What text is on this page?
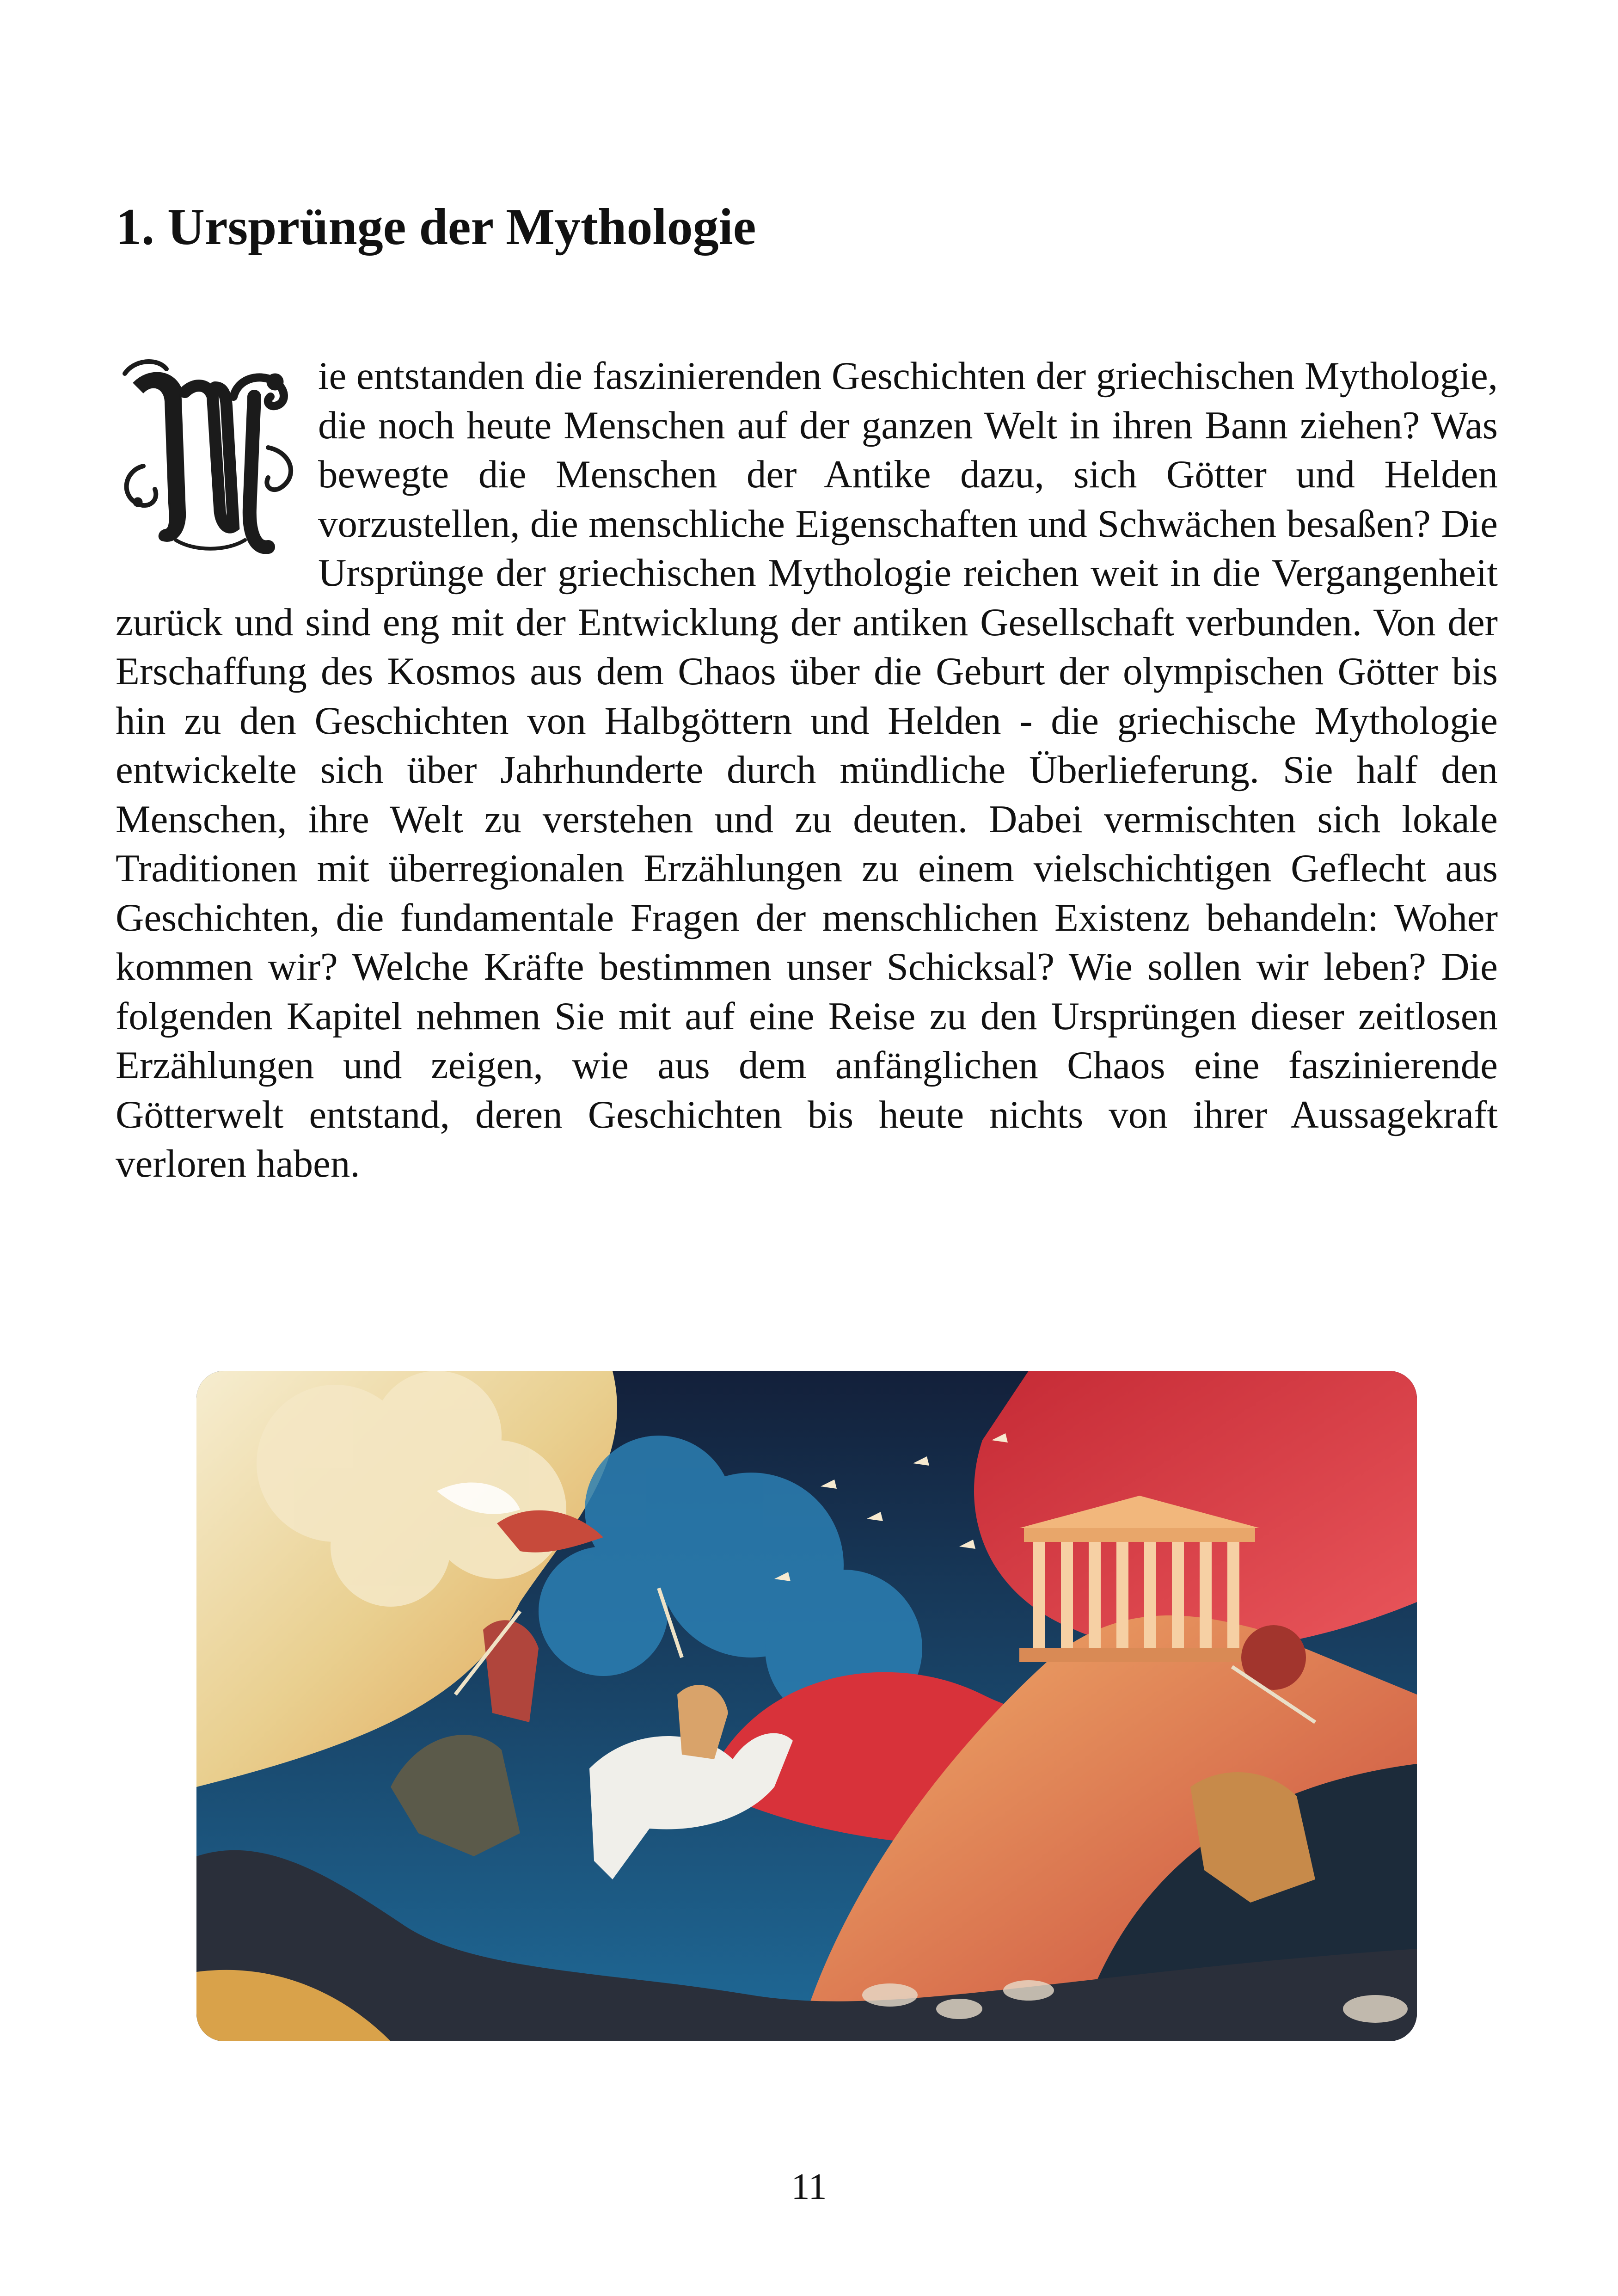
1. Ursprünge der Mythologie

ie entstanden die faszinierenden Geschichten der griechischen Mythologie, die noch heute Menschen auf der ganzen Welt in ihren Bann ziehen? Was bewegte die Menschen der Antike dazu, sich Götter und Helden vorzustellen, die menschliche Eigenschaften und Schwächen besaßen? Die Ursprünge der griechischen Mythologie reichen weit in die Vergangenheit zurück und sind eng mit der Entwicklung der antiken Gesellschaft verbunden. Von der Erschaffung des Kosmos aus dem Chaos über die Geburt der olympischen Götter bis hin zu den Geschichten von Halbgöttern und Helden - die griechische Mythologie entwickelte sich über Jahrhunderte durch mündliche Überlieferung. Sie half den Menschen, ihre Welt zu verstehen und zu deuten. Dabei vermischten sich lokale Traditionen mit überregionalen Erzählungen zu einem vielschichtigen Geflecht aus Geschichten, die fundamentale Fragen der menschlichen Existenz behandeln: Woher kommen wir? Welche Kräfte bestimmen unser Schicksal? Wie sollen wir leben? Die folgenden Kapitel nehmen Sie mit auf eine Reise zu den Ursprüngen dieser zeitlosen Erzählungen und zeigen, wie aus dem anfänglichen Chaos eine faszinierende Götterwelt entstand, deren Geschichten bis heute nichts von ihrer Aussagekraft verloren haben.

11
